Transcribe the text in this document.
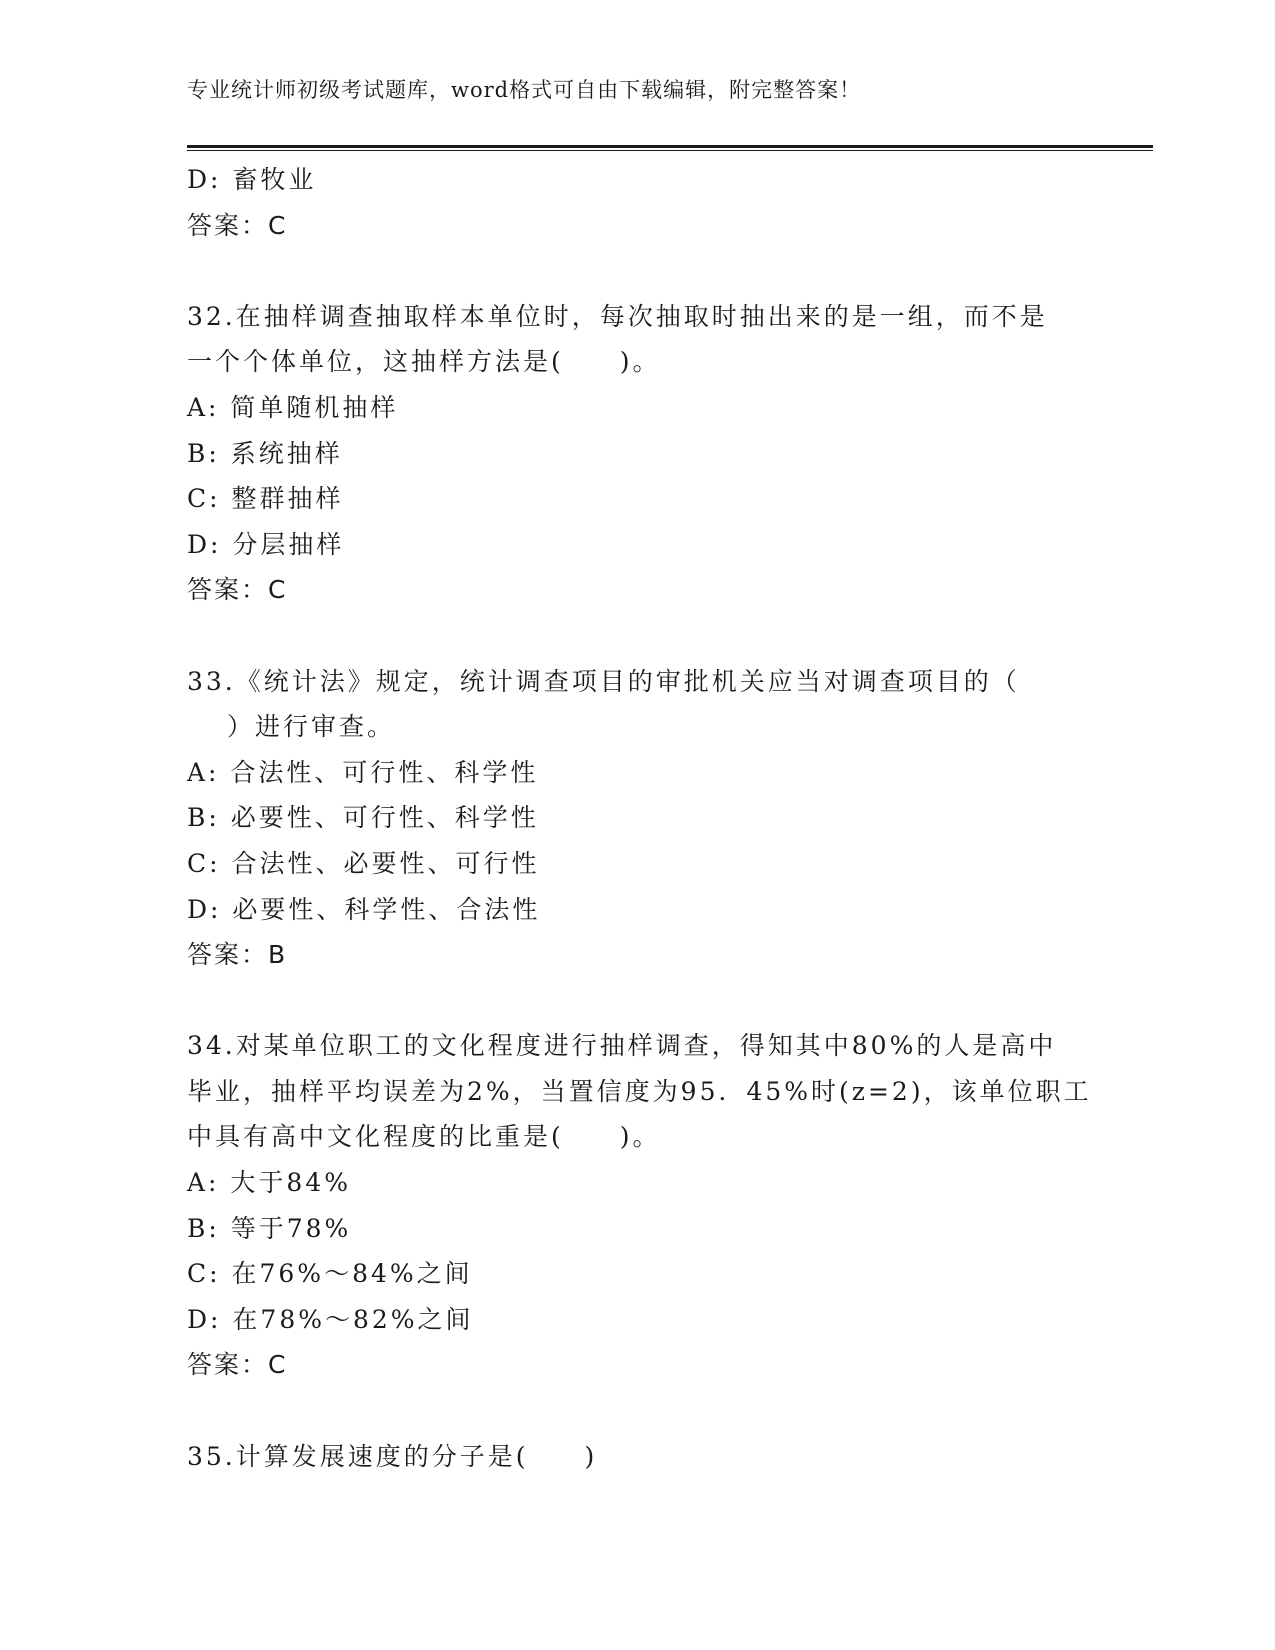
专业统计师初级考试题库，word格式可自由下载编辑，附完整答案！
D: 畜牧业
答案：C
32.在抽样调查抽取样本单位时，每次抽取时抽出来的是一组，而不是
一个个体单位，这抽样方法是(　　)。
A: 简单随机抽样
B: 系统抽样
C: 整群抽样
D: 分层抽样
答案：C
33.《统计法》规定，统计调查项目的审批机关应当对调查项目的（
）进行审查。
A: 合法性、可行性、科学性
B: 必要性、可行性、科学性
C: 合法性、必要性、可行性
D: 必要性、科学性、合法性
答案：B
34.对某单位职工的文化程度进行抽样调查，得知其中80%的人是高中
毕业，抽样平均误差为2%，当置信度为95．45%时(z=2)，该单位职工
中具有高中文化程度的比重是(　　)。
A: 大于84%
B: 等于78%
C: 在76%～84%之间
D: 在78%～82%之间
答案：C
35.计算发展速度的分子是(　　)
